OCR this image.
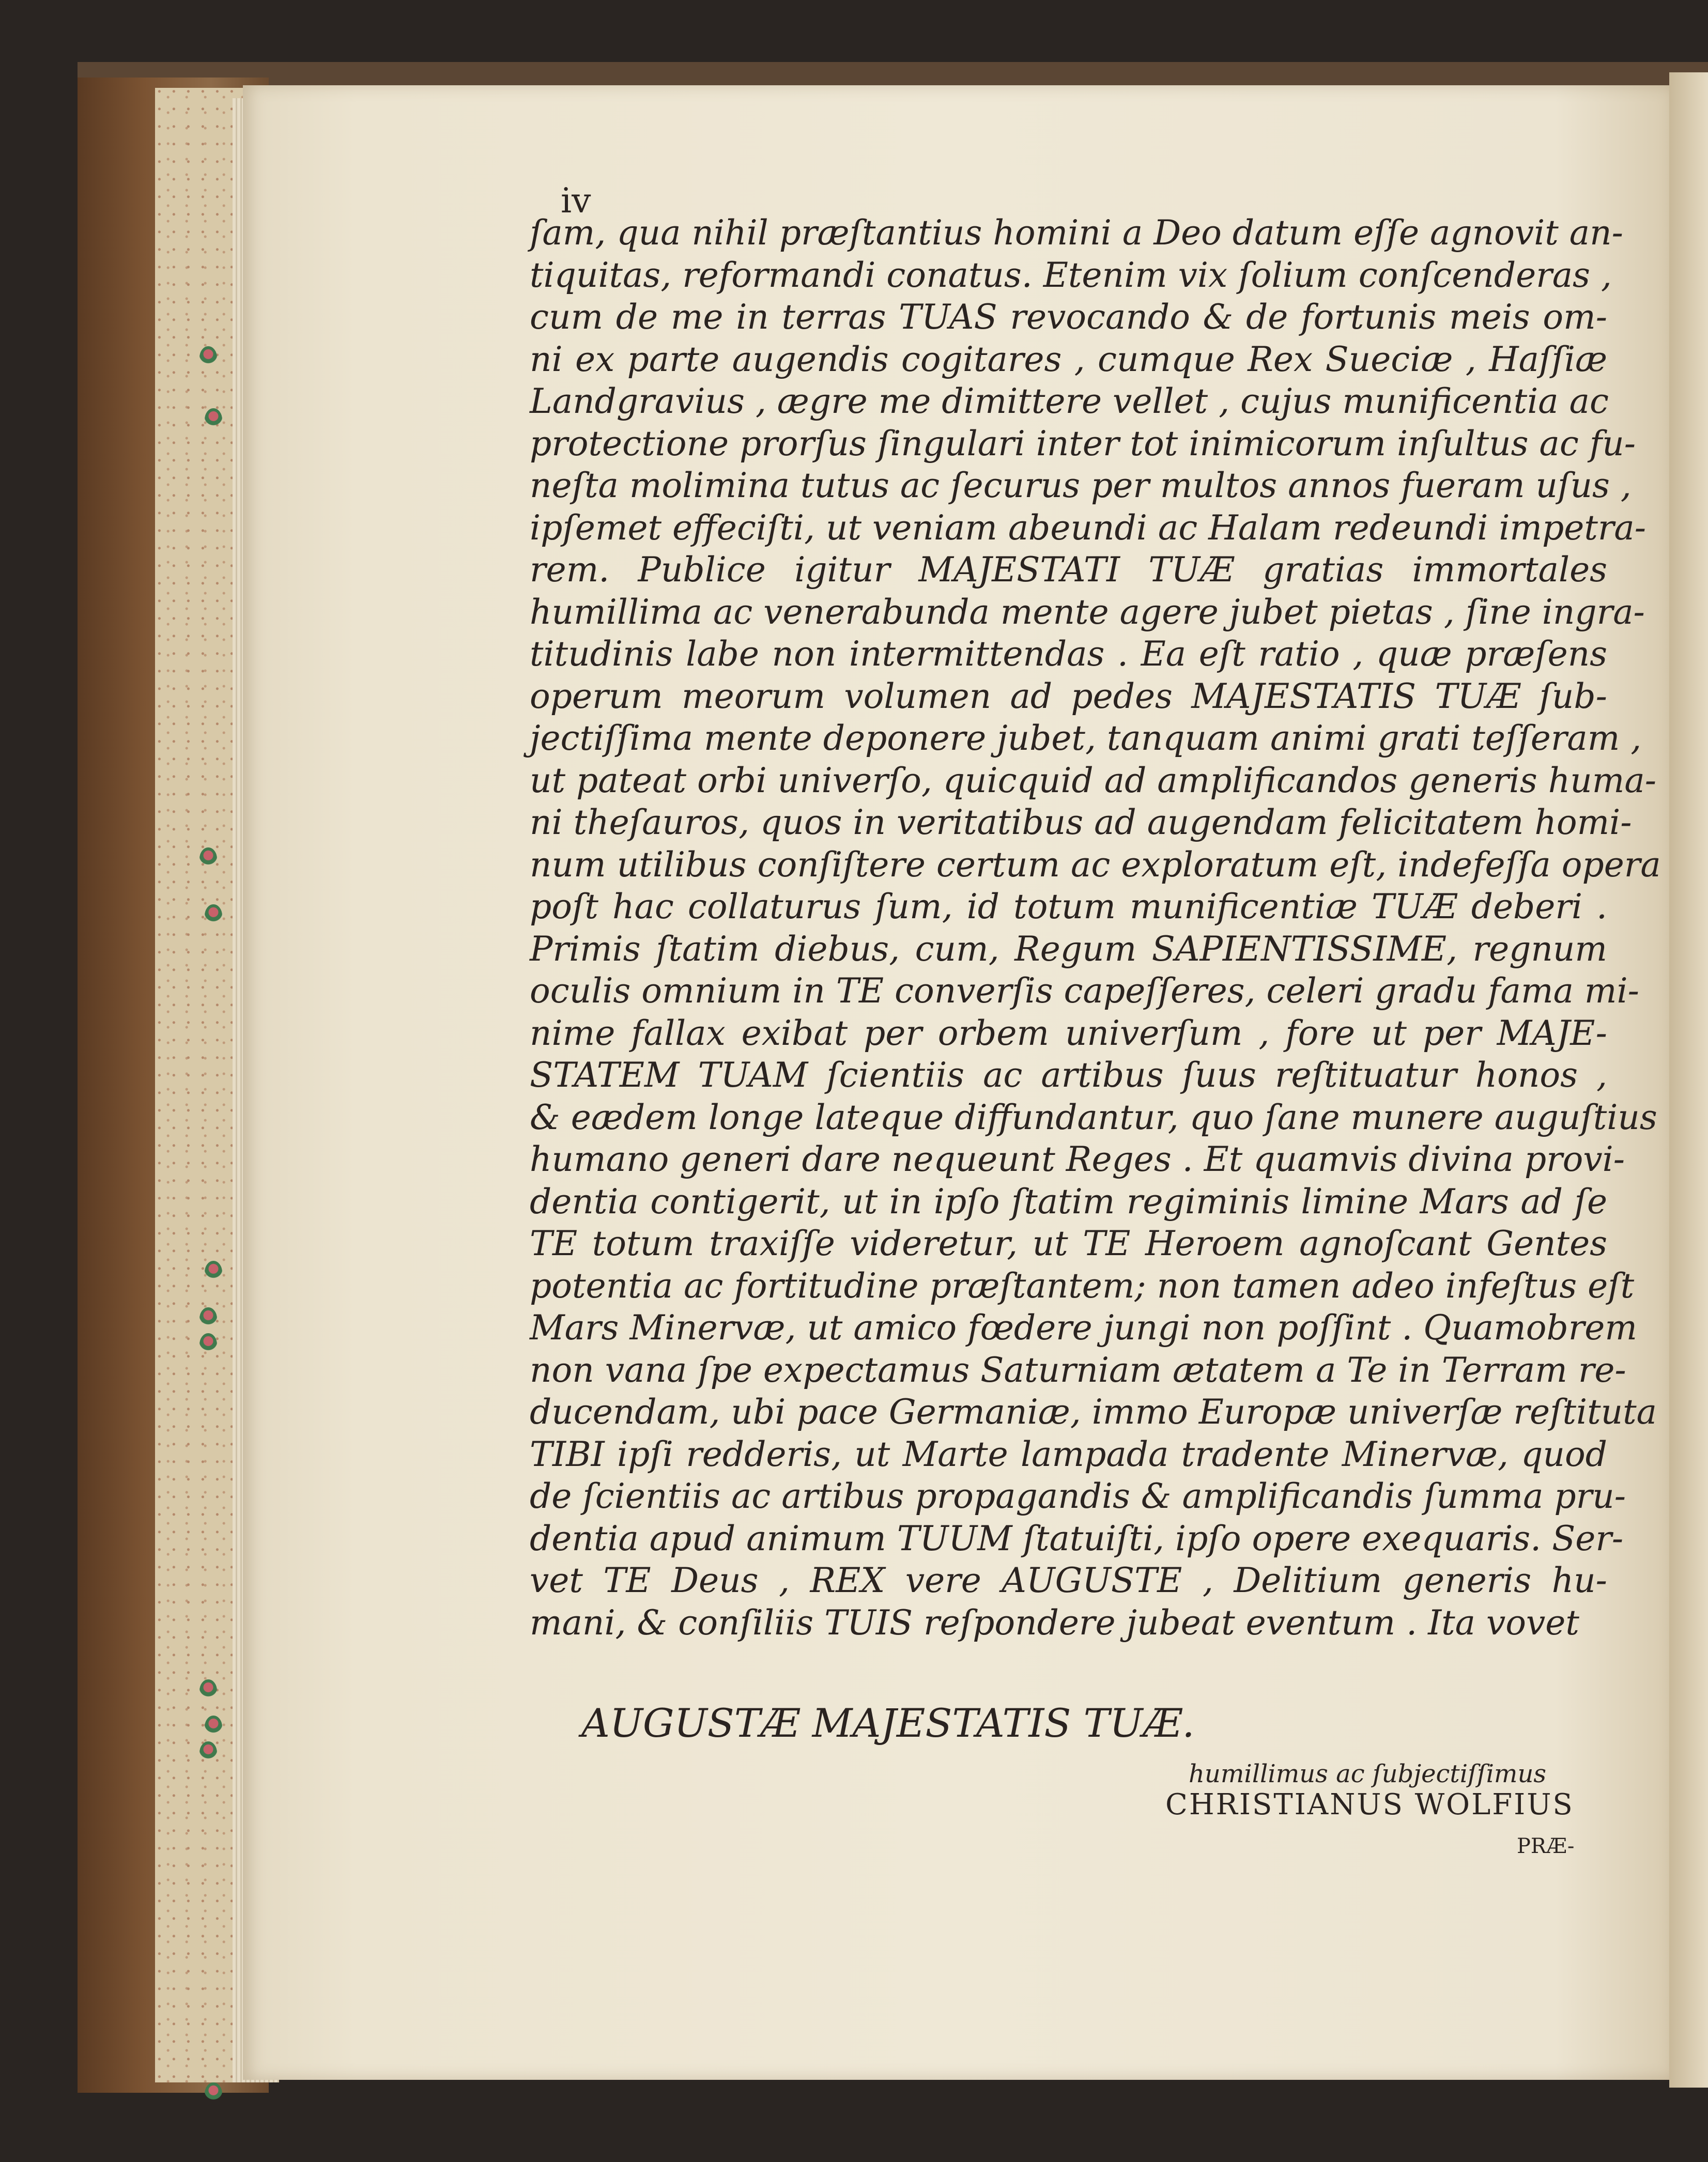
iv

ſam, qua nihil præſtantius homini a Deo datum eſſe agnovit an-
tiquitas, reformandi conatus. Etenim vix ſolium conſcenderas ,
cum de me in terras TUAS revocando & de fortunis meis om-
ni ex parte augendis cogitares , cumque Rex Sueciæ , Haſſiæ
Landgravius , ægre me dimittere vellet , cujus munificentia ac
protectione prorſus ſingulari inter tot inimicorum inſultus ac fu-
neſta molimina tutus ac ſecurus per multos annos fueram uſus ,
ipſemet effeciſti, ut veniam abeundi ac Halam redeundi impetra-
rem. Publice igitur MAJESTATI TUÆ gratias immortales
humillima ac venerabunda mente agere jubet pietas , ſine ingra-
titudinis labe non intermittendas . Ea eſt ratio , quæ præſens
operum meorum volumen ad pedes MAJESTATIS TUÆ ſub-
jectiſſima mente deponere jubet, tanquam animi grati teſſeram ,
ut pateat orbi univerſo, quicquid ad amplificandos generis huma-
ni theſauros, quos in veritatibus ad augendam felicitatem homi-
num utilibus conſiſtere certum ac exploratum eſt, indefeſſa opera
poſt hac collaturus ſum, id totum munificentiæ TUÆ deberi .
Primis ſtatim diebus, cum, Regum SAPIENTISSIME, regnum
oculis omnium in TE converſis capeſſeres, celeri gradu fama mi-
nime fallax exibat per orbem univerſum , fore ut per MAJE-
STATEM TUAM ſcientiis ac artibus ſuus reſtituatur honos ,
& eædem longe lateque diffundantur, quo ſane munere auguſtius
humano generi dare nequeunt Reges . Et quamvis divina provi-
dentia contigerit, ut in ipſo ſtatim regiminis limine Mars ad ſe
TE totum traxiſſe videretur, ut TE Heroem agnoſcant Gentes
potentia ac fortitudine præſtantem; non tamen adeo infeſtus eſt
Mars Minervæ, ut amico fœdere jungi non poſſint . Quamobrem
non vana ſpe expectamus Saturniam ætatem a Te in Terram re-
ducendam, ubi pace Germaniæ, immo Europæ univerſæ reſtituta
TIBI ipſi redderis, ut Marte lampada tradente Minervæ, quod
de ſcientiis ac artibus propagandis & amplificandis ſumma pru-
dentia apud animum TUUM ſtatuiſti, ipſo opere exequaris. Ser-
vet TE Deus , REX vere AUGUSTE , Delitium generis hu-
mani, & conſiliis TUIS reſpondere jubeat eventum . Ita vovet

AUGUSTÆ MAJESTATIS TUÆ.

humillimus ac ſubjectiſſimus

CHRISTIANUS WOLFIUS

PRÆ-
